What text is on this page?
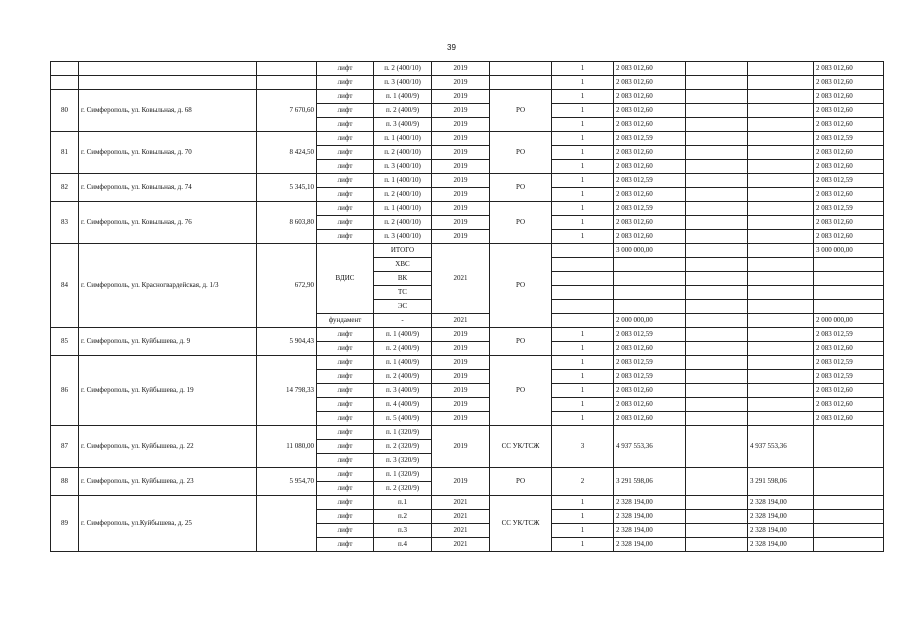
39
			лифт	п. 2 (400/10)	2019		1	2 083 012,60			2 083 012,60
			лифт	п. 3 (400/10)	2019		1	2 083 012,60			2 083 012,60
80	г. Симферополь, ул. Ковыльная, д. 68	7 670,60	лифт	п. 1 (400/9)	2019	РО	1	2 083 012,60			2 083 012,60
			лифт	п. 2 (400/9)	2019		1	2 083 012,60			2 083 012,60
			лифт	п. 3 (400/9)	2019		1	2 083 012,60			2 083 012,60
81	г. Симферополь, ул. Ковыльная, д. 70	8 424,50	лифт	п. 1 (400/10)	2019	РО	1	2 083 012,59			2 083 012,59
			лифт	п. 2 (400/10)	2019		1	2 083 012,60			2 083 012,60
			лифт	п. 3 (400/10)	2019		1	2 083 012,60			2 083 012,60
82	г. Симферополь, ул. Ковыльная, д. 74	5 345,10	лифт	п. 1 (400/10)	2019	РО	1	2 083 012,59			2 083 012,59
			лифт	п. 2 (400/10)	2019		1	2 083 012,60			2 083 012,60
83	г. Симферополь, ул. Ковыльная, д. 76	8 603,80	лифт	п. 1 (400/10)	2019	РО	1	2 083 012,59			2 083 012,59
			лифт	п. 2 (400/10)	2019		1	2 083 012,60			2 083 012,60
			лифт	п. 3 (400/10)	2019		1	2 083 012,60			2 083 012,60
84	г. Симферополь, ул. Красногвардейская, д. 1/3	672,90	ВДИС	ИТОГО	2021	РО		3 000 000,00			3 000 000,00
				ХВС							
				ВК							
				ТС							
				ЭС							
			фундамент	-	2021			2 000 000,00			2 000 000,00
85	г. Симферополь, ул. Куйбышева, д. 9	5 904,43	лифт	п. 1 (400/9)	2019	РО	1	2 083 012,59			2 083 012,59
			лифт	п. 2 (400/9)	2019		1	2 083 012,60			2 083 012,60
86	г. Симферополь, ул. Куйбышева, д. 19	14 798,33	лифт	п. 1 (400/9)	2019	РО	1	2 083 012,59			2 083 012,59
			лифт	п. 2 (400/9)	2019		1	2 083 012,59			2 083 012,59
			лифт	п. 3 (400/9)	2019		1	2 083 012,60			2 083 012,60
			лифт	п. 4 (400/9)	2019		1	2 083 012,60			2 083 012,60
			лифт	п. 5 (400/9)	2019		1	2 083 012,60			2 083 012,60
87	г. Симферополь, ул. Куйбышева, д. 22	11 080,00	лифт	п. 1 (320/9)	2019	СС УК/ТСЖ	3	4 937 553,36		4 937 553,36	
			лифт	п. 2 (320/9)							
			лифт	п. 3 (320/9)							
88	г. Симферополь, ул. Куйбышева, д. 23	5 954,70	лифт	п. 1 (320/9)	2019	РО	2	3 291 598,06		3 291 598,06	
			лифт	п. 2 (320/9)							
89	г. Симферополь, ул.Куйбышева, д. 25		лифт	п.1	2021	СС УК/ТСЖ	1	2 328 194,00		2 328 194,00	
			лифт	п.2	2021		1	2 328 194,00		2 328 194,00	
			лифт	п.3	2021		1	2 328 194,00		2 328 194,00	
			лифт	п.4	2021		1	2 328 194,00		2 328 194,00	
